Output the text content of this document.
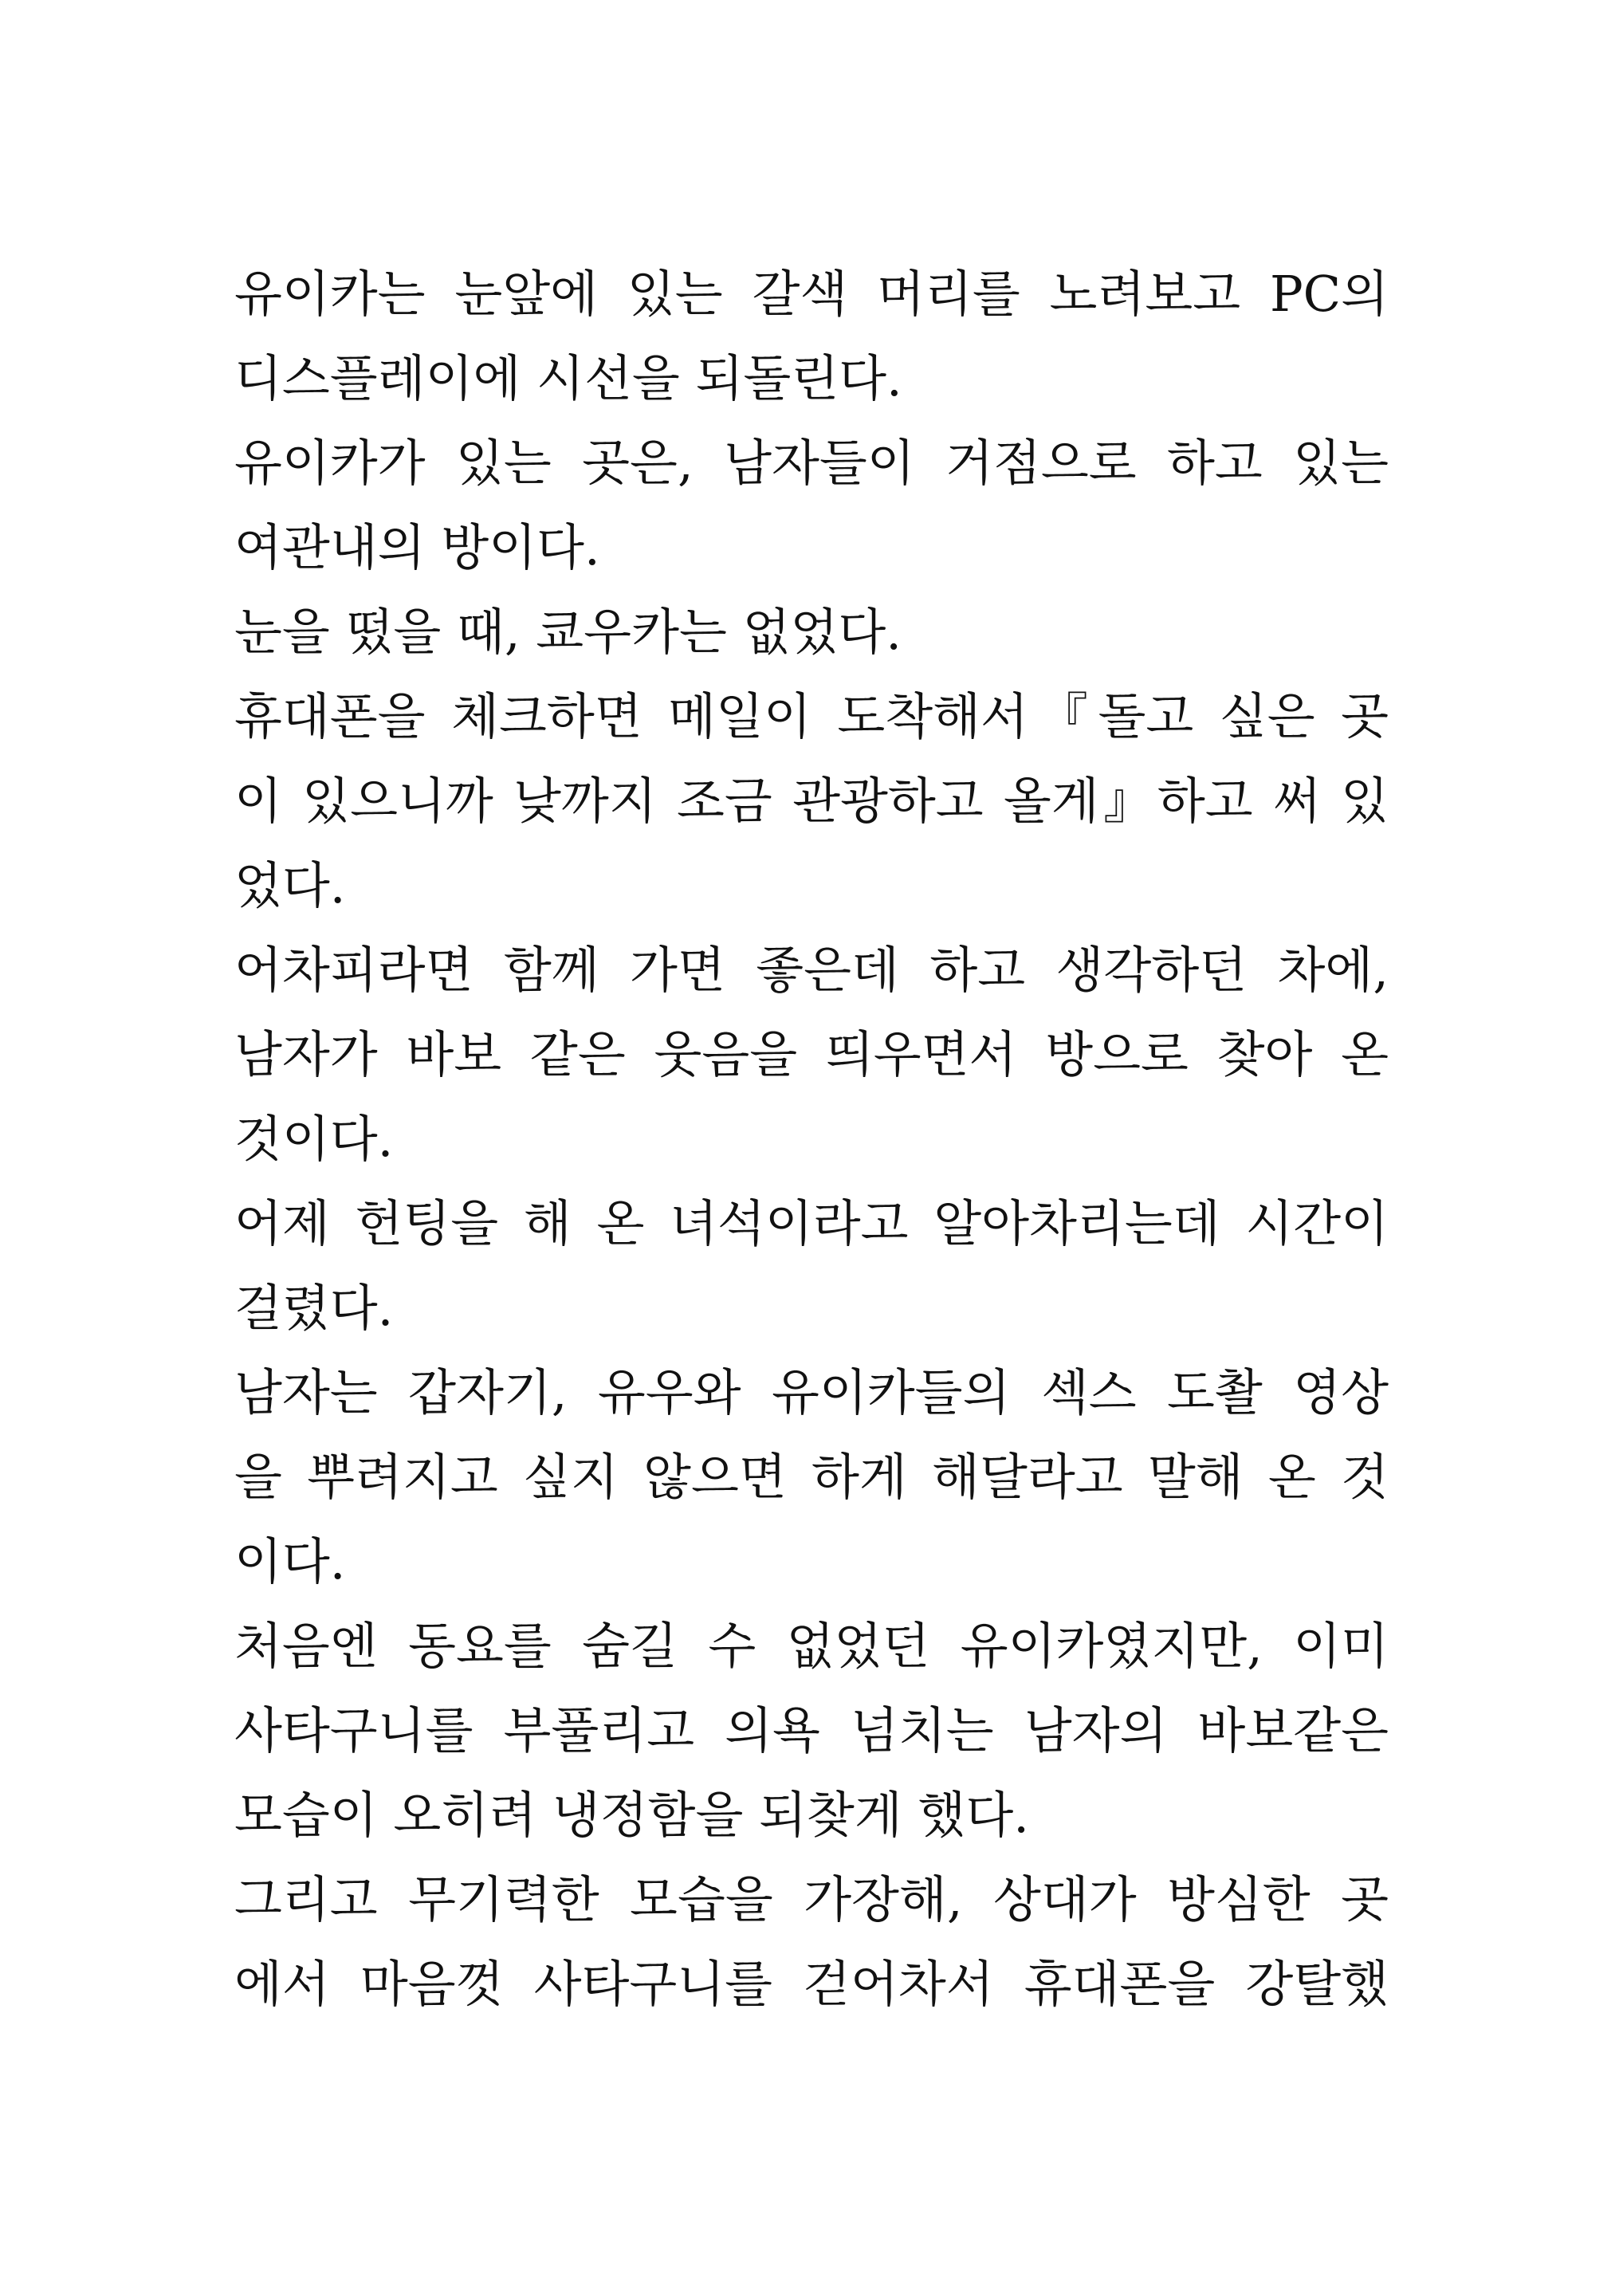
유이카는 눈앞에 있는 갈색 머리를 노려보고 PC의
디스플레이에 시선을 되돌린다.
유이카가 있는 곳은, 남자들이 거점으로 하고 있는
여관내의 방이다.
눈을 떴을 때, 쿄우카는 없었다.
휴대폰을 체크하면 메일이 도착해서『돌고 싶은 곳
이 있으니까 낮까지 조금 관광하고 올게』하고 써 있
었다.
어차피라면 함께 가면 좋은데 하고 생각하던 차에,
남자가 바보 같은 웃음을 띄우면서 방으로 찾아 온
것이다.
어제 헌팅을 해 온 녀석이라고 알아차리는데 시간이
걸렸다.
남자는 갑자기, 유우와 유이카들의 섹스 도촬 영상
을 뿌려지고 싶지 않으면 하게 해달라고 말해 온 것
이다.
처음엔 동요를 숨길 수 없었던 유이카였지만, 이미
사타구니를 부풀리고 의욕 넘치는 남자의 바보같은
모습이 오히려 냉정함을 되찾게 했다.
그리고 무기력한 모습을 가장해, 상대가 방심한 곳
에서 마음껏 사타구니를 걷어차서 휴대폰을 강탈했
